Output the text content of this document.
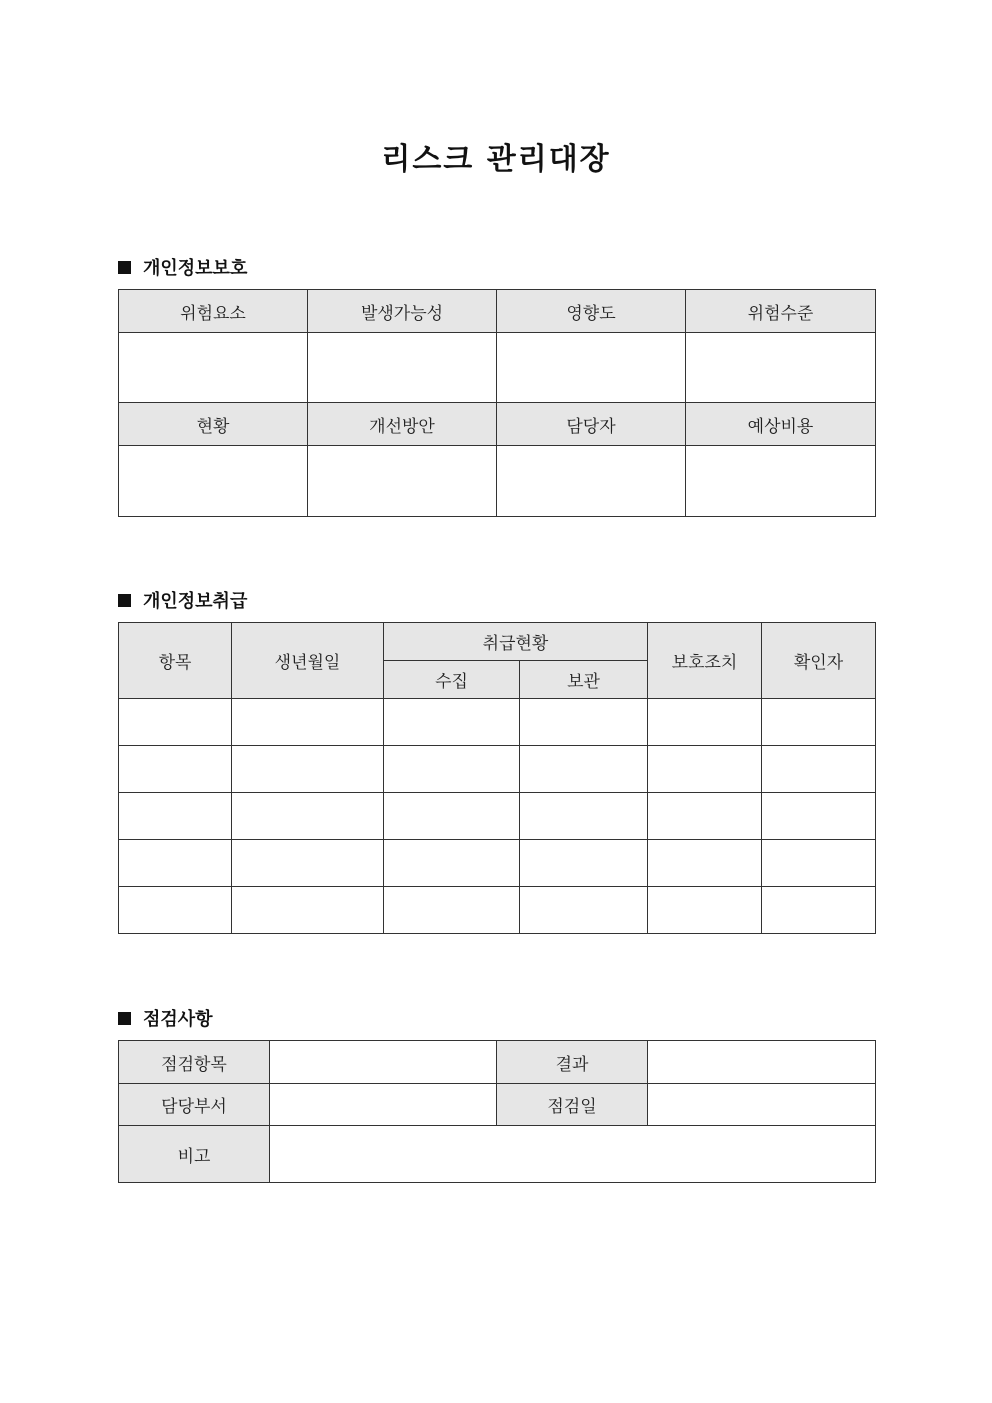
리스크 관리대장
개인정보보호
위험요소	발생가능성	영향도	위험수준

현황	개선방안	담당자	예상비용

개인정보취급
항목	생년월일	취급현황		보호조치	확인자
		수집	보관		

점검사항
점검항목		결과	
담당부서		점검일	
비고			
